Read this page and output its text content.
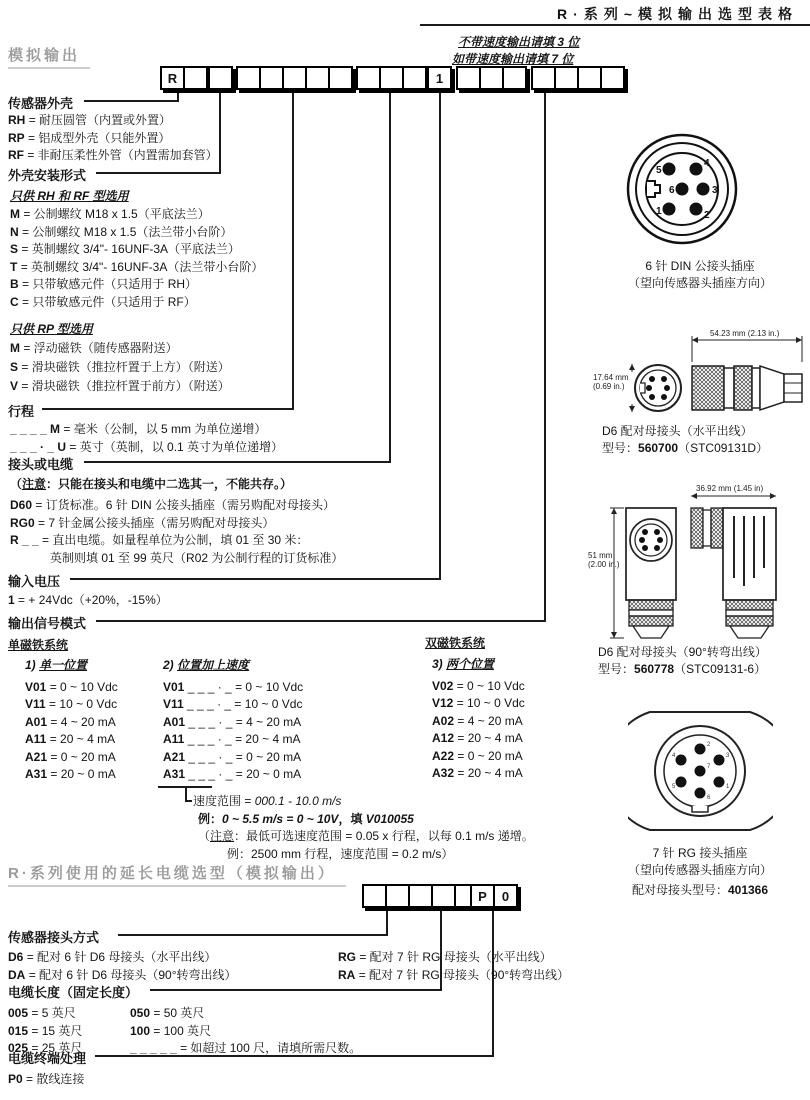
R·系列~模拟输出选型表格
模拟输出
不带速度输出请填 3 位
如带速度输出请填 7 位
R	1
传感器外壳
RH = 耐压圆管（内置或外置）
RP = 铝成型外壳（只能外置）
RF = 非耐压柔性外管（内置需加套管）
外壳安装形式
只供 RH 和 RF 型选用
M = 公制螺纹 M18 x 1.5（平底法兰）
N = 公制螺纹 M18 x 1.5（法兰带小台阶）
S = 英制螺纹 3/4"- 16UNF-3A（平底法兰）
T = 英制螺纹 3/4"- 16UNF-3A（法兰带小台阶）
B = 只带敏感元件（只适用于 RH）
C = 只带敏感元件（只适用于 RF）
只供 RP 型选用
M = 浮动磁铁（随传感器附送）
S = 滑块磁铁（推拉杆置于上方）（附送）
V = 滑块磁铁（推拉杆置于前方）（附送）
行程
_ _ _ _ M = 毫米（公制，以 5 mm 为单位递增）
_ _ _ · _ U = 英寸（英制，以 0.1 英寸为单位递增）
接头或电缆
（注意：只能在接头和电缆中二选其一，不能共存。）
D60 = 订货标准。6 针 DIN 公接头插座（需另购配对母接头）
RG0 = 7 针金属公接头插座（需另购配对母接头）
R _ _ = 直出电缆。如量程单位为公制，填 01 至 30 米：
英制则填 01 至 99 英尺（R02 为公制行程的订货标准）
输入电压
1 = + 24Vdc（+20%，-15%）
输出信号模式
单磁铁系统	双磁铁系统
1) 单一位置
V01 = 0 ~ 10 Vdc
V11 = 10 ~ 0 Vdc
A01 = 4 ~ 20 mA
A11 = 20 ~ 4 mA
A21 = 0 ~ 20 mA
A31 = 20 ~ 0 mA
2) 位置加上速度
V01 _ _ _ · _ = 0 ~ 10 Vdc
V11 _ _ _ · _ = 10 ~ 0 Vdc
A01 _ _ _ · _ = 4 ~ 20 mA
A11 _ _ _ · _ = 20 ~ 4 mA
A21 _ _ _ · _ = 0 ~ 20 mA
A31 _ _ _ · _ = 20 ~ 0 mA
3) 两个位置
V02 = 0 ~ 10 Vdc
V12 = 10 ~ 0 Vdc
A02 = 4 ~ 20 mA
A12 = 20 ~ 4 mA
A22 = 0 ~ 20 mA
A32 = 20 ~ 4 mA
速度范围 = 000.1 - 10.0 m/s
例：0 ~ 5.5 m/s = 0 ~ 10V，填 V010055
（注意：最低可选速度范围 = 0.05 x 行程，以每 0.1 m/s 递增。
例：2500 mm 行程，速度范围 = 0.2 m/s）
5
4
6	3
1	2
6 针 DIN 公接头插座
（望向传感器头插座方向）
17.64 mm
(0.69 in.)
54.23 mm (2.13 in.)
D6 配对母接头（水平出线）
型号：560700（STC09131D）
51 mm
(2.00 in.)
36.92 mm (1.45 in)
D6 配对母接头（90°转弯出线）
型号：560778（STC09131-6）
2
4	3
7
5	1
6
7 针 RG 接头插座
（望向传感器头插座方向）
配对母接头型号：401366
R·系列使用的延长电缆选型（模拟输出）
P	0
传感器接头方式
D6 = 配对 6 针 D6 母接头（水平出线）	RG = 配对 7 针 RG 母接头（水平出线）
DA = 配对 6 针 D6 母接头（90°转弯出线）	RA = 配对 7 针 RG 母接头（90°转弯出线）
电缆长度（固定长度）
005 = 5 英尺	050 = 50 英尺
015 = 15 英尺	100 = 100 英尺
025 = 25 英尺	_ _ _ _ _ = 如超过 100 尺，请填所需尺数。
电缆终端处理
P0 = 散线连接
